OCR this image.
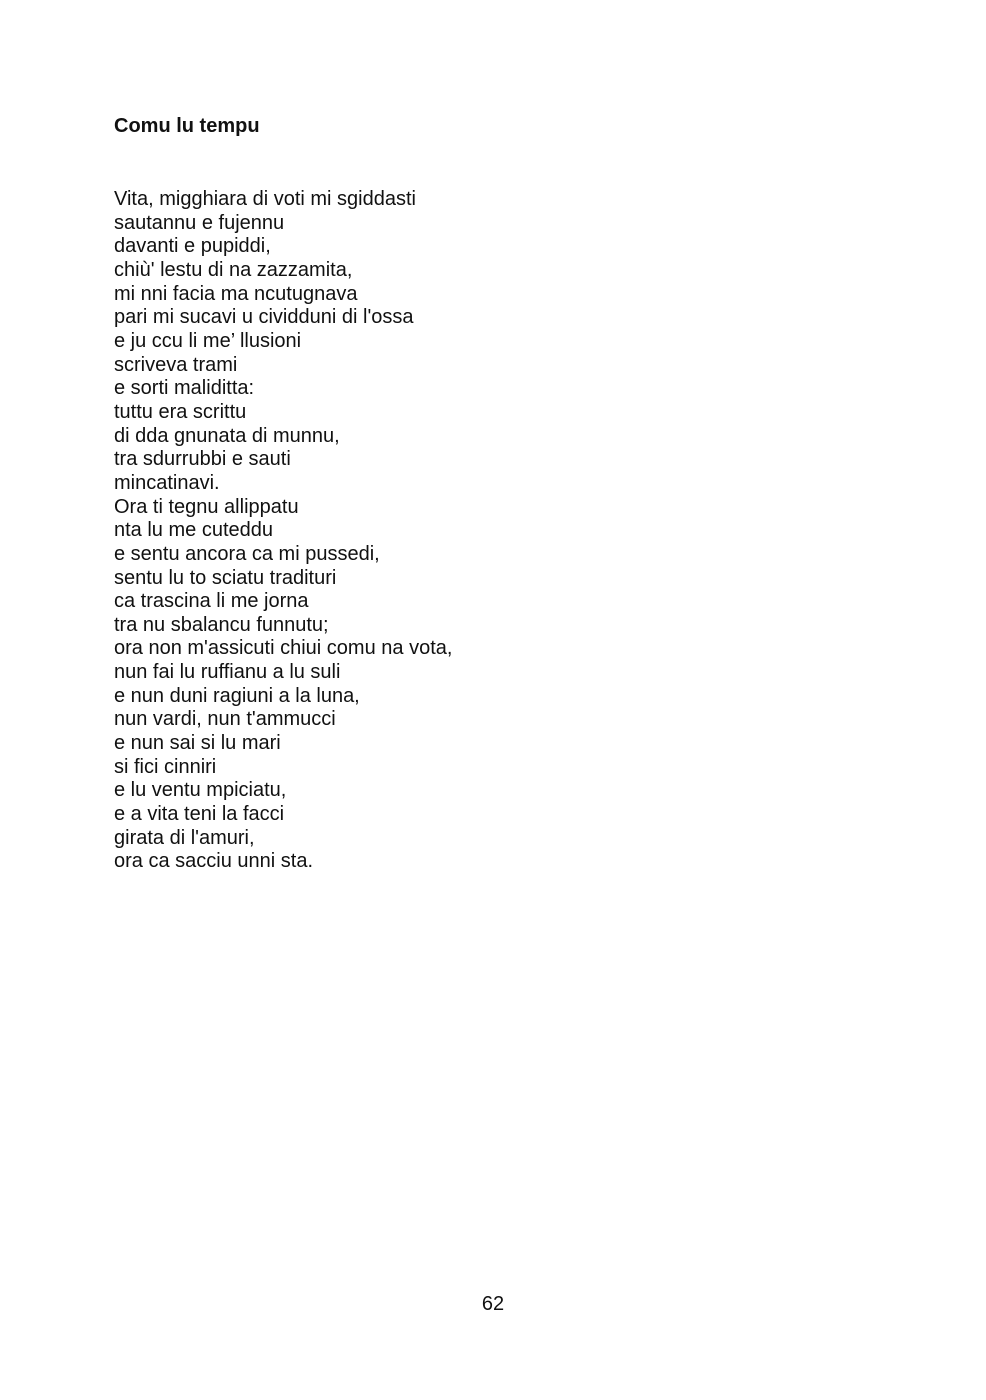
Comu lu tempu
Vita, migghiara di voti mi sgiddasti
sautannu e fujennu
davanti e pupiddi,
chiù' lestu di na zazzamita,
mi nni facia ma ncutugnava
pari mi sucavi u cividduni di l'ossa
e ju ccu li me’ llusioni
scriveva trami
e sorti maliditta:
tuttu era scrittu
di dda gnunata di munnu,
tra sdurrubbi e sauti
mincatinavi.
Ora ti tegnu allippatu
nta lu me cuteddu
e sentu ancora ca mi pussedi,
sentu lu to sciatu tradituri
ca trascina li me jorna
tra nu sbalancu funnutu;
ora non m'assicuti chiui comu na vota,
nun fai lu ruffianu a lu suli
e nun duni ragiuni a la luna,
nun vardi, nun t'ammucci
e nun sai si lu mari
si fici cinniri
e lu ventu mpiciatu,
e a vita teni la facci
girata di l'amuri,
ora ca sacciu unni sta.
62
